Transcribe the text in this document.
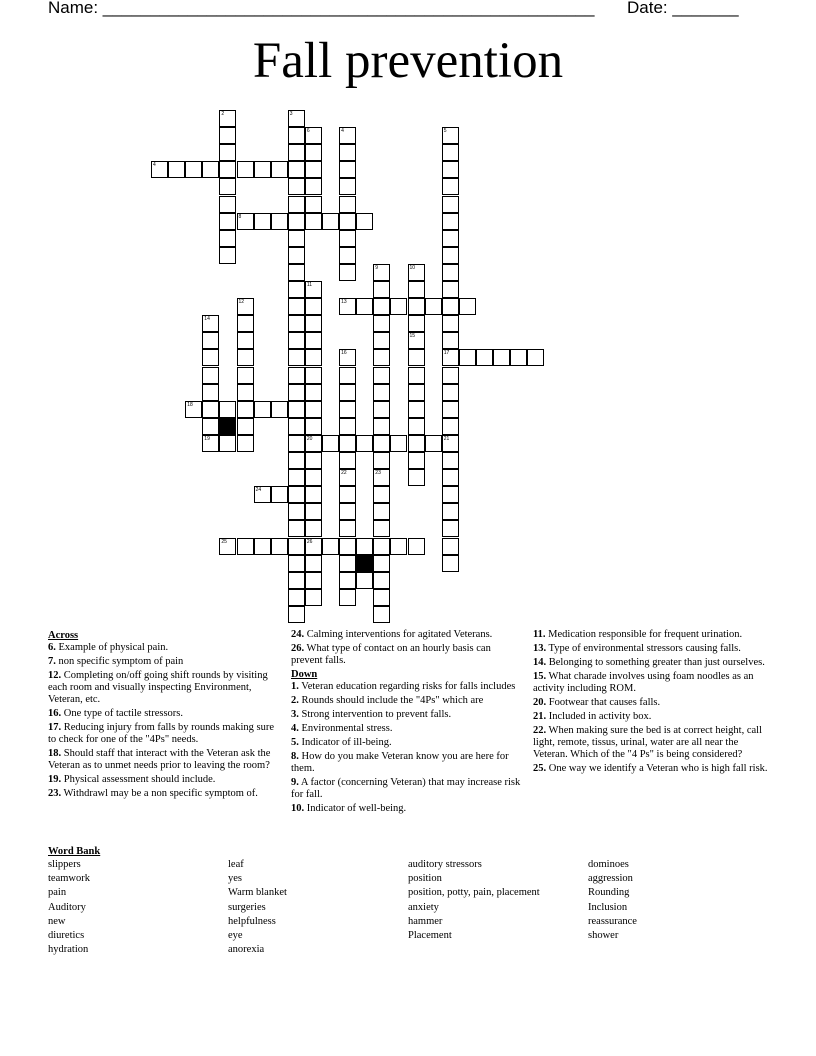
Name: ____________________________________________________ Date: _______
Fall prevention
4
2	3
6	4	5
17
8
9	10
15
11
20
26
12	13
14
19
16
22
18
21
23
24
25
Across
6. Example of physical pain.
7. non specific symptom of pain
12. Completing on/off going shift rounds by visiting each room and visually inspecting Environment, Veteran, etc.
16. One type of tactile stressors.
17. Reducing injury from falls by rounds making sure to check for one of the "4Ps" needs.
18. Should staff that interact with the Veteran ask the Veteran as to unmet needs prior to leaving the room?
19. Physical assessment should include.
23. Withdrawl may be a non specific symptom of.
24. Calming interventions for agitated Veterans.
26. What type of contact on an hourly basis can prevent falls.
Down
1. Veteran education regarding risks for falls includes
2. Rounds should include the "4Ps" which are
3. Strong intervention to prevent falls.
4. Environmental stress.
5. Indicator of ill-being.
8. How do you make Veteran know you are here for them.
9. A factor (concerning Veteran) that may increase risk for fall.
10. Indicator of well-being.
11. Medication responsible for frequent urination.
13. Type of environmental stressors causing falls.
14. Belonging to something greater than just ourselves.
15. What charade involves using foam noodles as an activity including ROM.
20. Footwear that causes falls.
21. Included in activity box.
22. When making sure the bed is at correct height, call light, remote, tissus, urinal, water are all near the Veteran. Which of the "4 Ps" is being considered?
25. One way we identify a Veteran who is high fall risk.
Word Bank
slippers
teamwork
pain
Auditory
new
diuretics
hydration
leaf
yes
Warm blanket
surgeries
helpfulness
eye
anorexia
auditory stressors
position
position, potty, pain, placement
anxiety
hammer
Placement
dominoes
aggression
Rounding
Inclusion
reassurance
shower
